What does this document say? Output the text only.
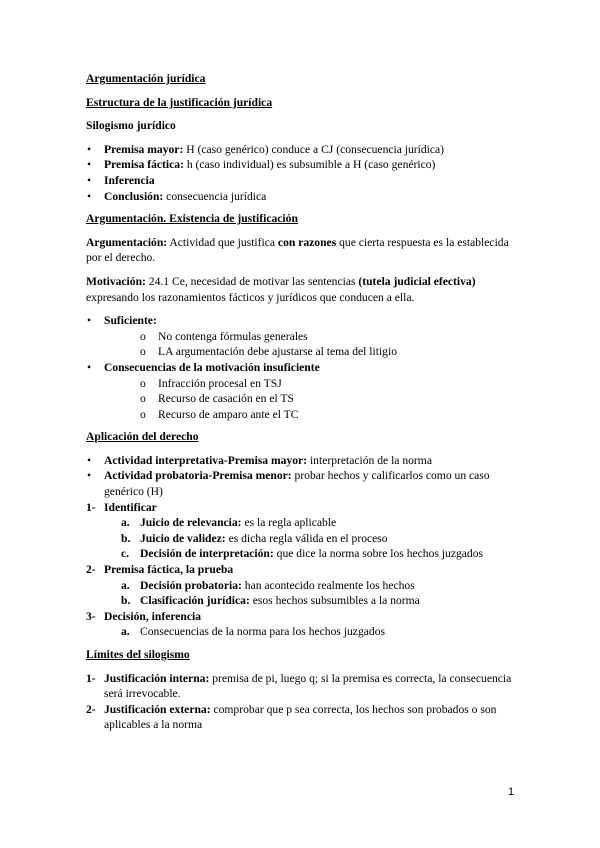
Argumentación jurídica

Estructura de la justificación jurídica

Silogismo jurídico

• Premisa mayor: H (caso genérico) conduce a CJ (consecuencia jurídica)
• Premisa fáctica: h (caso individual) es subsumible a H (caso genérico)
• Inferencia
• Conclusión: consecuencia jurídica

Argumentación. Existencia de justificación

Argumentación: Actividad que justifica con razones que cierta respuesta es la establecida por el derecho.

Motivación: 24.1 Ce, necesidad de motivar las sentencias (tutela judicial efectiva) expresando los razonamientos fácticos y jurídicos que conducen a ella.

• Suficiente:
o No contenga fórmulas generales
o LA argumentación debe ajustarse al tema del litigio
• Consecuencias de la motivación insuficiente
o Infracción procesal en TSJ
o Recurso de casación en el TS
o Recurso de amparo ante el TC

Aplicación del derecho

• Actividad interpretativa-Premisa mayor: interpretación de la norma
• Actividad probatoria-Premisa menor: probar hechos y calificarlos como un caso genérico (H)
1- Identificar
a. Juicio de relevancia: es la regla aplicable
b. Juicio de validez: es dicha regla válida en el proceso
c. Decisión de interpretación: que dice la norma sobre los hechos juzgados
2- Premisa fáctica, la prueba
a. Decisión probatoria: han acontecido realmente los hechos
b. Clasificación jurídica: esos hechos subsumibles a la norma
3- Decisión, inferencia
a. Consecuencias de la norma para los hechos juzgados

Límites del silogismo

1- Justificación interna: premisa de pi, luego q; si la premisa es correcta, la consecuencia será irrevocable.
2- Justificación externa: comprobar que p sea correcta, los hechos son probados o son aplicables a la norma
1
